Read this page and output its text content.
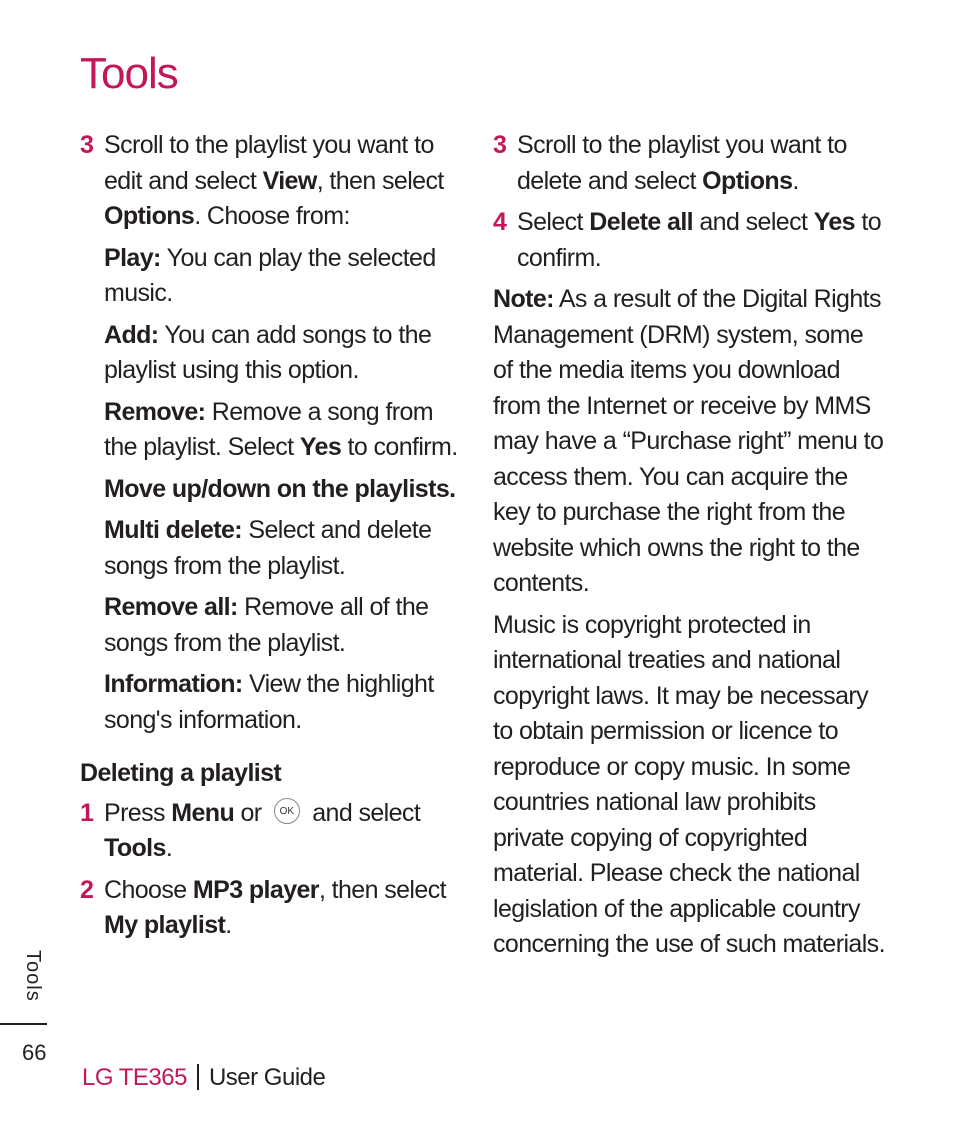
Tools
3 Scroll to the playlist you want to edit and select View, then select Options. Choose from:
Play: You can play the selected music.
Add: You can add songs to the playlist using this option.
Remove: Remove a song from the playlist. Select Yes to confirm.
Move up/down on the playlists.
Multi delete: Select and delete songs from the playlist.
Remove all: Remove all of the songs from the playlist.
Information: View the highlight song's information.
Deleting a playlist
1 Press Menu or OK and select Tools.
2 Choose MP3 player, then select My playlist.
3 Scroll to the playlist you want to delete and select Options.
4 Select Delete all and select Yes to confirm.
Note: As a result of the Digital Rights Management (DRM) system, some of the media items you download from the Internet or receive by MMS may have a “Purchase right” menu to access them. You can acquire the key to purchase the right from the website which owns the right to the contents.
Music is copyright protected in international treaties and national copyright laws. It may be necessary to obtain permission or licence to reproduce or copy music. In some countries national law prohibits private copying of copyrighted material. Please check the national legislation of the applicable country concerning the use of such materials.
Tools
66
LG TE365 User Guide
